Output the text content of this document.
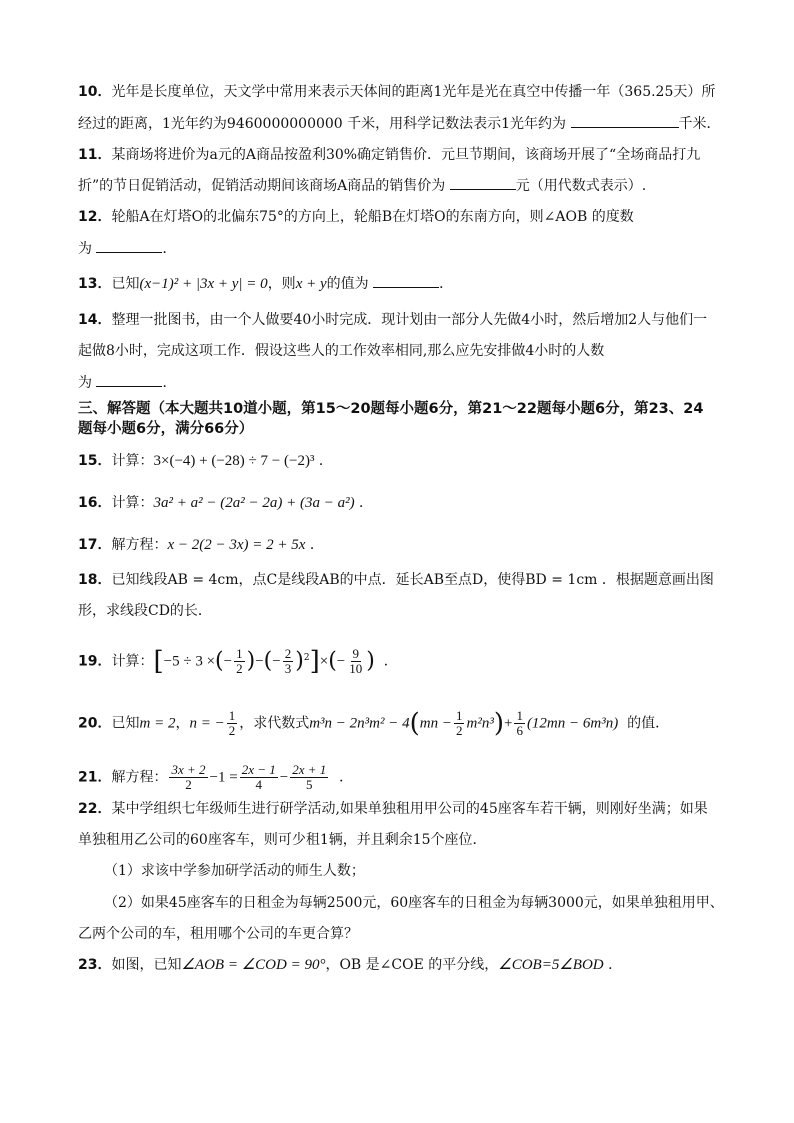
10．光年是长度单位，天文学中常用来表示天体间的距离1光年是光在真空中传播一年（365.25天）所
经过的距离，1光年约为9460000000000 千米，用科学记数法表示1光年约为	千米．
11．某商场将进价为a元的A商品按盈利30%确定销售价．元旦节期间，该商场开展了“全场商品打九
折”的节日促销活动，促销活动期间该商场A商品的销售价为	元（用代数式表示）.
12．轮船A在灯塔O的北偏东75°的方向上，轮船B在灯塔O的东南方向，则∠AOB 的度数
为	．
13．已知(x−1)² + |3x + y| = 0，则x + y的值为	．
14．整理一批图书，由一个人做要40小时完成．现计划由一部分人先做4小时，然后增加2人与他们一
起做8小时，完成这项工作．假设这些人的工作效率相同,那么应先安排做4小时的人数
为	．
三、解答题（本大题共10道小题，第15～20题每小题6分，第21～22题每小题6分，第23、24
题每小题6分，满分66分）
15．计算：3×(−4) + (−28) ÷ 7 − (−2)³ ．
16．计算：3a² + a² − (2a² − 2a) + (3a − a²) ．
17．解方程：x − 2(2 − 3x) = 2 + 5x ．
18．已知线段AB = 4cm，点C是线段AB的中点．延长AB至点D，使得BD = 1cm ．根据题意画出图
形，求线段CD的长．
19．计算：[−5 ÷ 3 ×(− $\frac{1}{2}$ )−(− $\frac{2}{3} )^2]\times(- \frac{9}{10}$ ) ．
20．已知m = 2，n = − $\frac{1}{2}$ ，求代数式$m^3n - 2n^3m^2 - 4(mn - \frac{1}{2} m^2n^3)+ \frac{1}{6} (12mn - 6m^3n)$ 的值．
21．解方程： $\frac{3x + 2}{2} -1 = \frac{2x - 1}{4} - \frac{2x + 1}{5}$ ．
22．某中学组织七年级师生进行研学活动,如果单独租用甲公司的45座客车若干辆，则刚好坐满；如果
单独租用乙公司的60座客车，则可少租1辆，并且剩余15个座位．
（1）求该中学参加研学活动的师生人数；
（2）如果45座客车的日租金为每辆2500元，60座客车的日租金为每辆3000元，如果单独租用甲、
乙两个公司的车，租用哪个公司的车更合算？
23．如图，已知∠AOB = ∠COD = 90°，OB 是∠COE 的平分线，∠COB=5∠BOD ．
